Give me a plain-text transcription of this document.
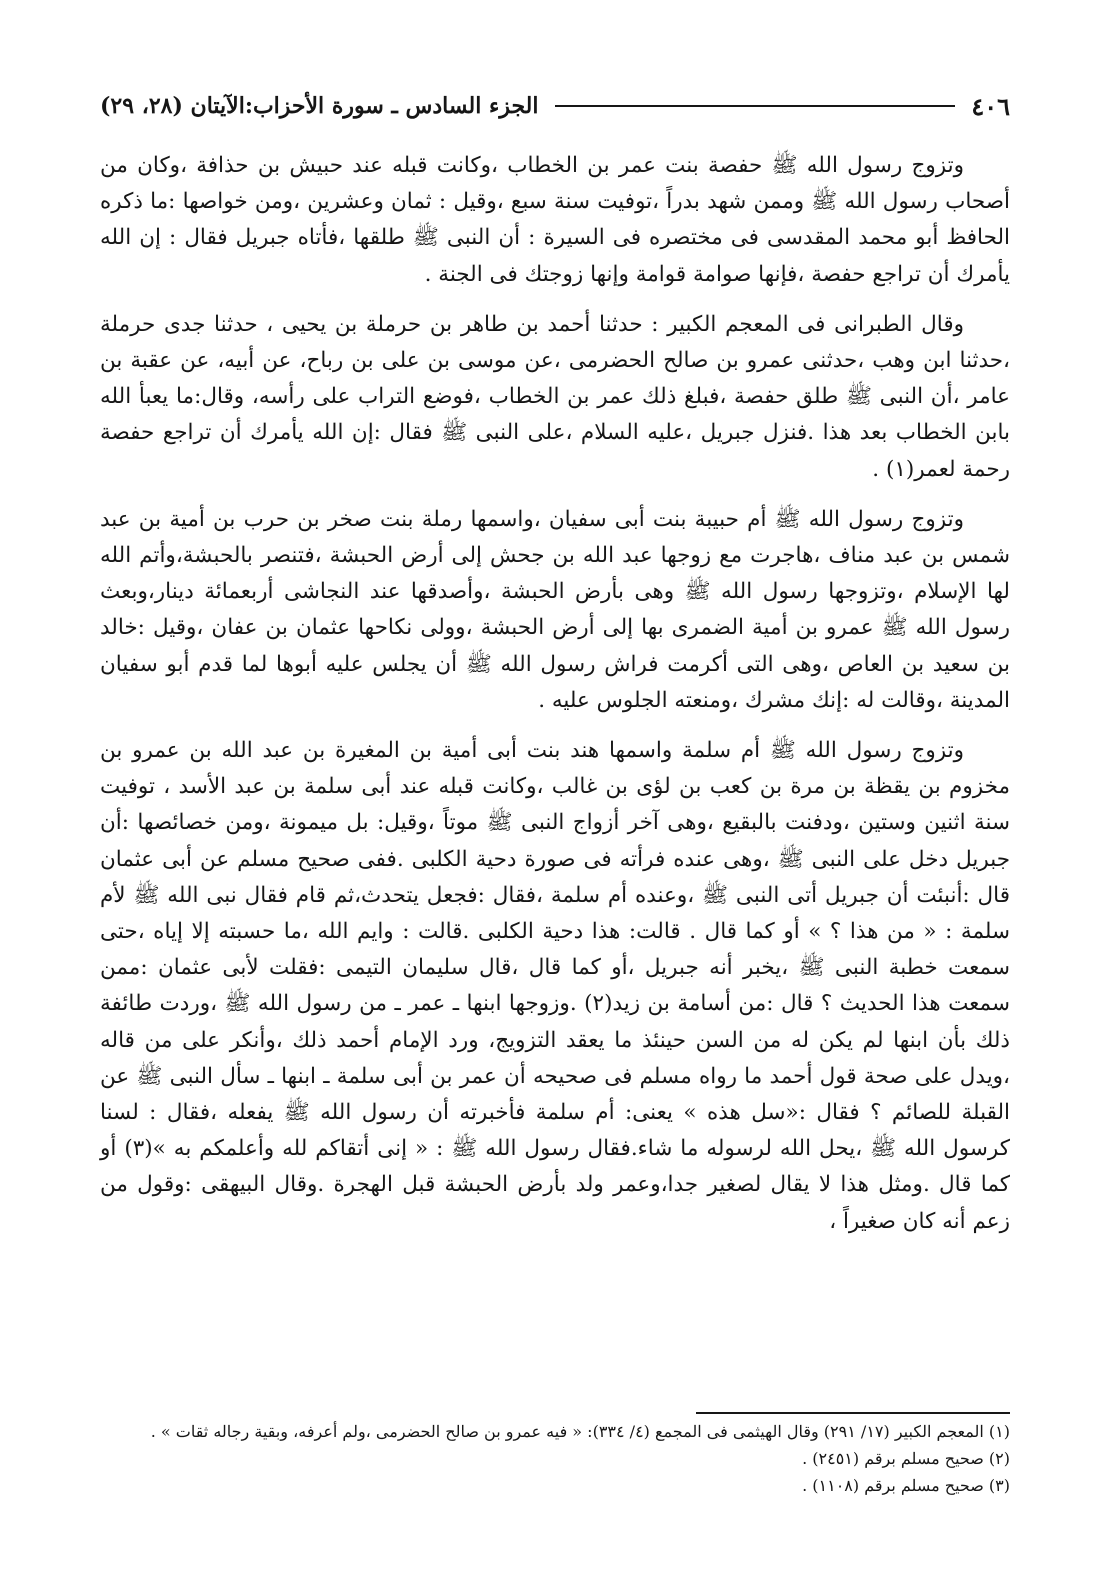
٤٠٦
الجزء السادس ـ سورة الأحزاب:الآيتان (٢٨، ٢٩)

وتزوج رسول الله ﷺ حفصة بنت عمر بن الخطاب ،وكانت قبله عند حبيش بن حذافة ،وكان من أصحاب رسول الله ﷺ وممن شهد بدراً ،توفيت سنة سبع ،وقيل : ثمان وعشرين ،ومن خواصها :ما ذكره الحافظ أبو محمد المقدسى فى مختصره فى السيرة : أن النبى ﷺ طلقها ،فأتاه جبريل فقال : إن الله يأمرك أن تراجع حفصة ،فإنها صوامة قوامة وإنها زوجتك فى الجنة .

وقال الطبرانى فى المعجم الكبير : حدثنا أحمد بن طاهر بن حرملة بن يحيى ، حدثنا جدى حرملة ،حدثنا ابن وهب ،حدثنى عمرو بن صالح الحضرمى ،عن موسى بن على بن رباح، عن أبيه، عن عقبة بن عامر ،أن النبى ﷺ طلق حفصة ،فبلغ ذلك عمر بن الخطاب ،فوضع التراب على رأسه، وقال:ما يعبأ الله بابن الخطاب بعد هذا .فنزل جبريل ،عليه السلام ،على النبى ﷺ فقال :إن الله يأمرك أن تراجع حفصة رحمة لعمر(١) .

وتزوج رسول الله ﷺ أم حبيبة بنت أبى سفيان ،واسمها رملة بنت صخر بن حرب بن أمية بن عبد شمس بن عبد مناف ،هاجرت مع زوجها عبد الله بن جحش إلى أرض الحبشة ،فتنصر بالحبشة،وأتم الله لها الإسلام ،وتزوجها رسول الله ﷺ وهى بأرض الحبشة ،وأصدقها عند النجاشى أربعمائة دينار،وبعث رسول الله ﷺ عمرو بن أمية الضمرى بها إلى أرض الحبشة ،وولى نكاحها عثمان بن عفان ،وقيل :خالد بن سعيد بن العاص ،وهى التى أكرمت فراش رسول الله ﷺ أن يجلس عليه أبوها لما قدم أبو سفيان المدينة ،وقالت له :إنك مشرك ،ومنعته الجلوس عليه .

وتزوج رسول الله ﷺ أم سلمة واسمها هند بنت أبى أمية بن المغيرة بن عبد الله بن عمرو بن مخزوم بن يقظة بن مرة بن كعب بن لؤى بن غالب ،وكانت قبله عند أبى سلمة بن عبد الأسد ، توفيت سنة اثنين وستين ،ودفنت بالبقيع ،وهى آخر أزواج النبى ﷺ موتاً ،وقيل: بل ميمونة ،ومن خصائصها :أن جبريل دخل على النبى ﷺ ،وهى عنده فرأته فى صورة دحية الكلبى .ففى صحيح مسلم عن أبى عثمان قال :أنبئت أن جبريل أتى النبى ﷺ ،وعنده أم سلمة ،فقال :فجعل يتحدث،ثم قام فقال نبى الله ﷺ لأم سلمة : « من هذا ؟ » أو كما قال . قالت: هذا دحية الكلبى .قالت : وايم الله ،ما حسبته إلا إياه ،حتى سمعت خطبة النبى ﷺ ،يخبر أنه جبريل ،أو كما قال ،قال سليمان التيمى :فقلت لأبى عثمان :ممن سمعت هذا الحديث ؟ قال :من أسامة بن زيد(٢) .وزوجها ابنها ـ عمر ـ من رسول الله ﷺ ،وردت طائفة ذلك بأن ابنها لم يكن له من السن حينئذ ما يعقد التزويج، ورد الإمام أحمد ذلك ،وأنكر على من قاله ،ويدل على صحة قول أحمد ما رواه مسلم فى صحيحه أن عمر بن أبى سلمة ـ ابنها ـ سأل النبى ﷺ عن القبلة للصائم ؟ فقال :«سل هذه » يعنى: أم سلمة فأخبرته أن رسول الله ﷺ يفعله ،فقال : لسنا كرسول الله ﷺ ،يحل الله لرسوله ما شاء.فقال رسول الله ﷺ : « إنى أتقاكم لله وأعلمكم به »(٣) أو كما قال .ومثل هذا لا يقال لصغير جدا،وعمر ولد بأرض الحبشة قبل الهجرة .وقال البيهقى :وقول من زعم أنه كان صغيراً ،

(١) المعجم الكبير (١٧/ ٢٩١) وقال الهيثمى فى المجمع (٤/ ٣٣٤): « فيه عمرو بن صالح الحضرمى ،ولم أعرفه، وبقية رجاله ثقات » .
(٢) صحيح مسلم برقم (٢٤٥١) .
(٣) صحيح مسلم برقم (١١٠٨) .
